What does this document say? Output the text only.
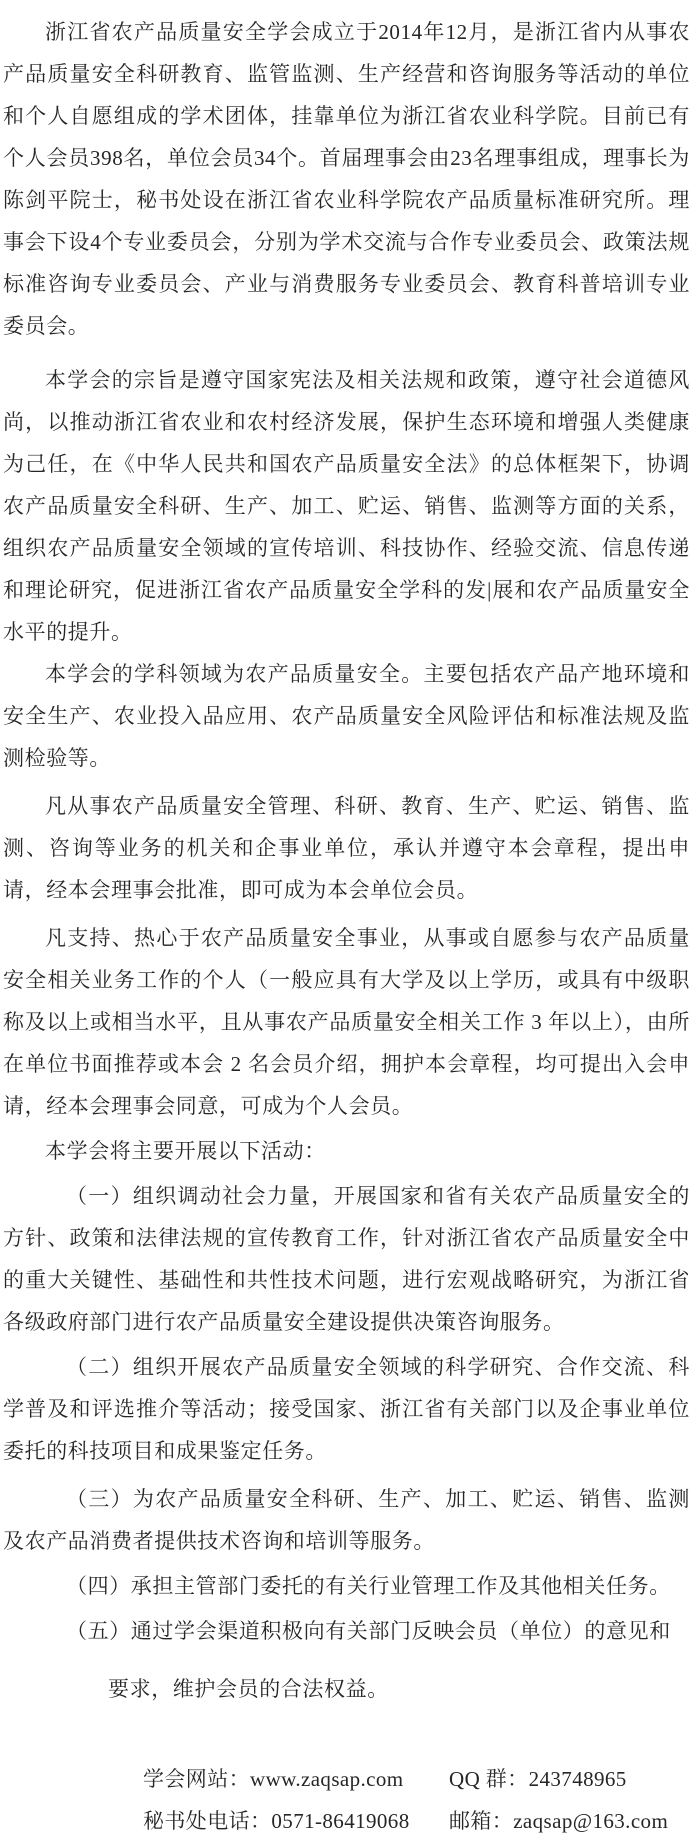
浙江省农产品质量安全学会成立于2014年12月，是浙江省内从事农产品质量安全科研教育、监管监测、生产经营和咨询服务等活动的单位和个人自愿组成的学术团体，挂靠单位为浙江省农业科学院。目前已有个人会员398名，单位会员34个。首届理事会由23名理事组成，理事长为陈剑平院士，秘书处设在浙江省农业科学院农产品质量标准研究所。理事会下设4个专业委员会，分别为学术交流与合作专业委员会、政策法规标准咨询专业委员会、产业与消费服务专业委员会、教育科普培训专业委员会。

本学会的宗旨是遵守国家宪法及相关法规和政策，遵守社会道德风尚，以推动浙江省农业和农村经济发展，保护生态环境和增强人类健康为己任，在《中华人民共和国农产品质量安全法》的总体框架下，协调农产品质量安全科研、生产、加工、贮运、销售、监测等方面的关系，组织农产品质量安全领域的宣传培训、科技协作、经验交流、信息传递和理论研究，促进浙江省农产品质量安全学科的发|展和农产品质量安全水平的提升。

本学会的学科领域为农产品质量安全。主要包括农产品产地环境和安全生产、农业投入品应用、农产品质量安全风险评估和标准法规及监测检验等。

凡从事农产品质量安全管理、科研、教育、生产、贮运、销售、监测、咨询等业务的机关和企事业单位，承认并遵守本会章程，提出申请，经本会理事会批准，即可成为本会单位会员。

凡支持、热心于农产品质量安全事业，从事或自愿参与农产品质量安全相关业务工作的个人（一般应具有大学及以上学历，或具有中级职称及以上或相当水平，且从事农产品质量安全相关工作 3 年以上），由所在单位书面推荐或本会 2 名会员介绍，拥护本会章程，均可提出入会申请，经本会理事会同意，可成为个人会员。

本学会将主要开展以下活动：

（一）组织调动社会力量，开展国家和省有关农产品质量安全的方针、政策和法律法规的宣传教育工作，针对浙江省农产品质量安全中的重大关键性、基础性和共性技术问题，进行宏观战略研究，为浙江省各级政府部门进行农产品质量安全建设提供决策咨询服务。

（二）组织开展农产品质量安全领域的科学研究、合作交流、科学普及和评选推介等活动；接受国家、浙江省有关部门以及企事业单位委托的科技项目和成果鉴定任务。

（三）为农产品质量安全科研、生产、加工、贮运、销售、监测及农产品消费者提供技术咨询和培训等服务。

（四）承担主管部门委托的有关行业管理工作及其他相关任务。

（五）通过学会渠道积极向有关部门反映会员（单位）的意见和

要求，维护会员的合法权益。

学会网站：www.zaqsap.com	QQ 群：243748965
秘书处电话：0571-86419068	邮箱：zaqsap@163.com
